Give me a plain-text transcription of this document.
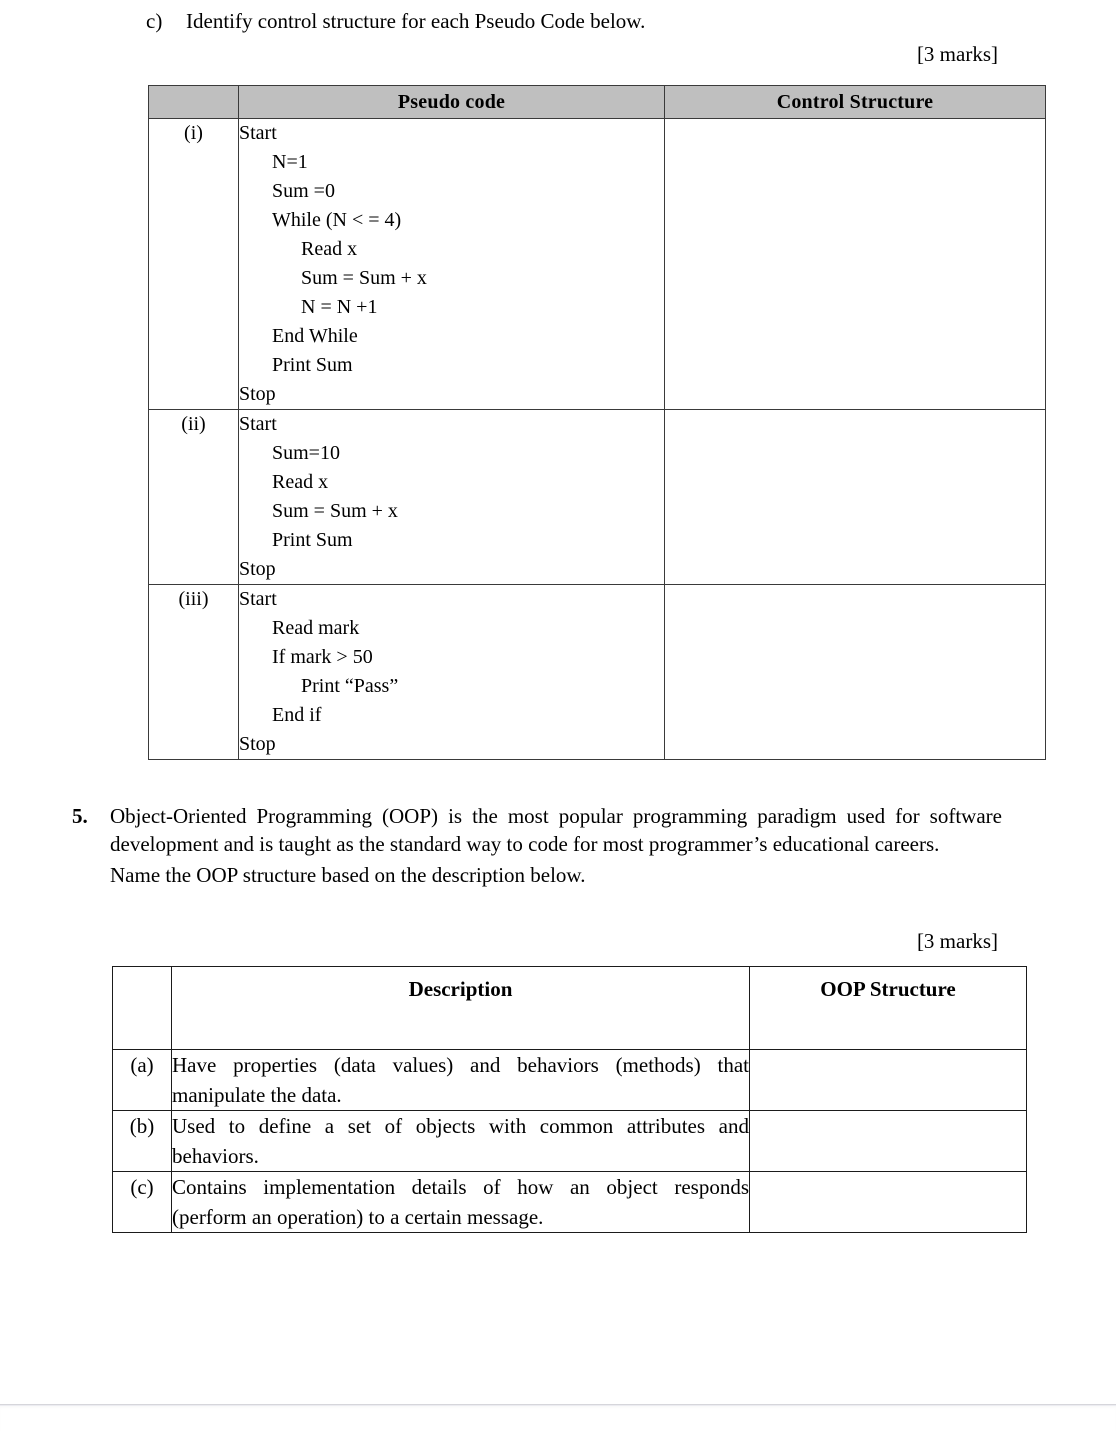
c)	Identify control structure for each Pseudo Code below.
[3 marks]
	Pseudo code	Control Structure
(i)	Start
N=1
Sum =0
While (N < = 4)
Read x
Sum = Sum + x
N = N +1
End While
Print Sum
Stop

(ii)	Start
Sum=10
Read x
Sum = Sum + x
Print Sum
Stop

(iii)	Start
Read mark
If mark > 50
Print “Pass”
End if
Stop

5.	Object-Oriented Programming (OOP) is the most popular programming paradigm used for software development and is taught as the standard way to code for most programmer’s educational careers.

Name the OOP structure based on the description below.

[3 marks]
	Description	OOP Structure
(a)	Have properties (data values) and behaviors (methods) that manipulate the data.	
(b)	Used to define a set of objects with common attributes and behaviors.	
(c)	Contains implementation details of how an object responds (perform an operation) to a certain message.	
